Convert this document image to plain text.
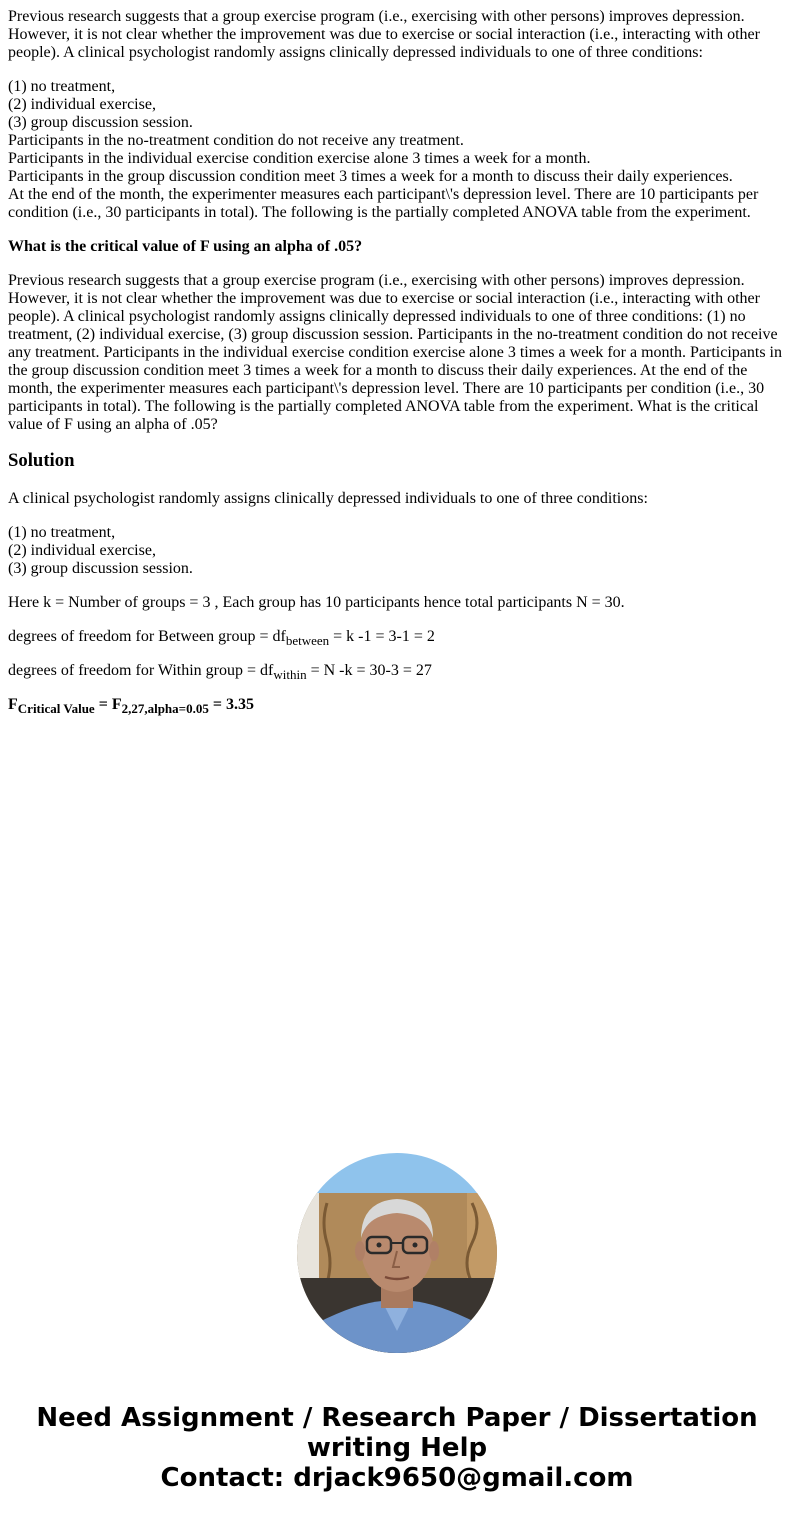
Previous research suggests that a group exercise program (i.e., exercising with other persons) improves depression. However, it is not clear whether the improvement was due to exercise or social interaction (i.e., interacting with other people). A clinical psychologist randomly assigns clinically depressed individuals to one of three conditions:

(1) no treatment,
(2) individual exercise,
(3) group discussion session.
Participants in the no-treatment condition do not receive any treatment.
Participants in the individual exercise condition exercise alone 3 times a week for a month.
Participants in the group discussion condition meet 3 times a week for a month to discuss their daily experiences.
At the end of the month, the experimenter measures each participant\'s depression level. There are 10 participants per condition (i.e., 30 participants in total). The following is the partially completed ANOVA table from the experiment.

What is the critical value of F using an alpha of .05?

Previous research suggests that a group exercise program (i.e., exercising with other persons) improves depression. However, it is not clear whether the improvement was due to exercise or social interaction (i.e., interacting with other people). A clinical psychologist randomly assigns clinically depressed individuals to one of three conditions: (1) no treatment, (2) individual exercise, (3) group discussion session. Participants in the no-treatment condition do not receive any treatment. Participants in the individual exercise condition exercise alone 3 times a week for a month. Participants in the group discussion condition meet 3 times a week for a month to discuss their daily experiences. At the end of the month, the experimenter measures each participant\'s depression level. There are 10 participants per condition (i.e., 30 participants in total). The following is the partially completed ANOVA table from the experiment. What is the critical value of F using an alpha of .05?

Solution

A clinical psychologist randomly assigns clinically depressed individuals to one of three conditions:

(1) no treatment,
(2) individual exercise,
(3) group discussion session.

Here k = Number of groups = 3 , Each group has 10 participants hence total participants N = 30.

degrees of freedom for Between group = $df_{between} = k$ -1 = 3-1 = 2

degrees of freedom for Within group = $df_{within} = N$ -k = 30-3 = 27

$F_{Critical Value} = F_{2,27,alpha=0.05} = 3.35$

Need Assignment / Research Paper / Dissertation
writing Help
Contact: drjack9650@gmail.com
